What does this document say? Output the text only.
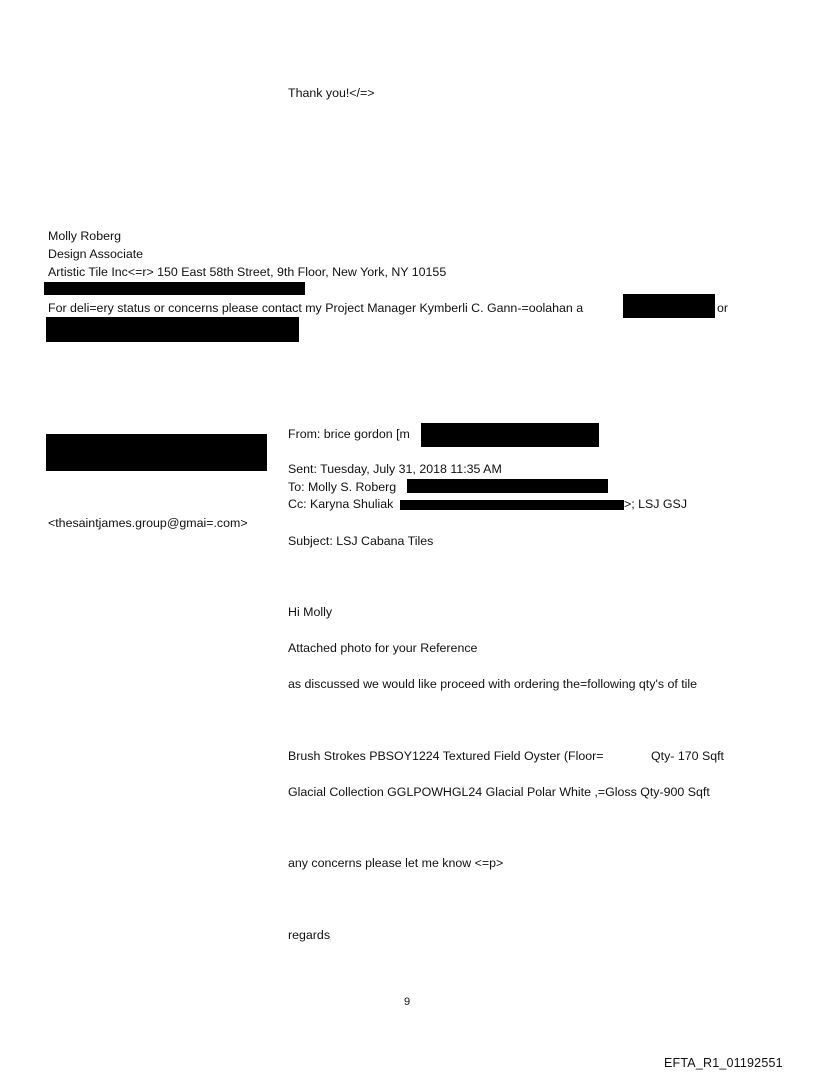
Thank you!</=>
Molly Roberg
Design Associate
Artistic Tile Inc<=r> 150 East 58th Street, 9th Floor, New York, NY 10155
For deli=ery status or concerns please contact my Project Manager Kymberli C. Gann-=oolahan a	or
<thesaintjames.group@gmai=.com>
From: brice gordon [m
Sent: Tuesday, July 31, 2018 11:35 AM
To: Molly S. Roberg
Cc: Karyna Shuliak	>; LSJ GSJ
Subject: LSJ Cabana Tiles
Hi Molly
Attached photo for your Reference
as discussed we would like proceed with ordering the=following qty's of tile
Brush Strokes PBSOY1224 Textured Field Oyster (Floor=	Qty- 170 Sqft
Glacial Collection GGLPOWHGL24 Glacial Polar White ,=Gloss Qty-900 Sqft
any concerns please let me know <=p>
regards
9
EFTA_R1_01192551
